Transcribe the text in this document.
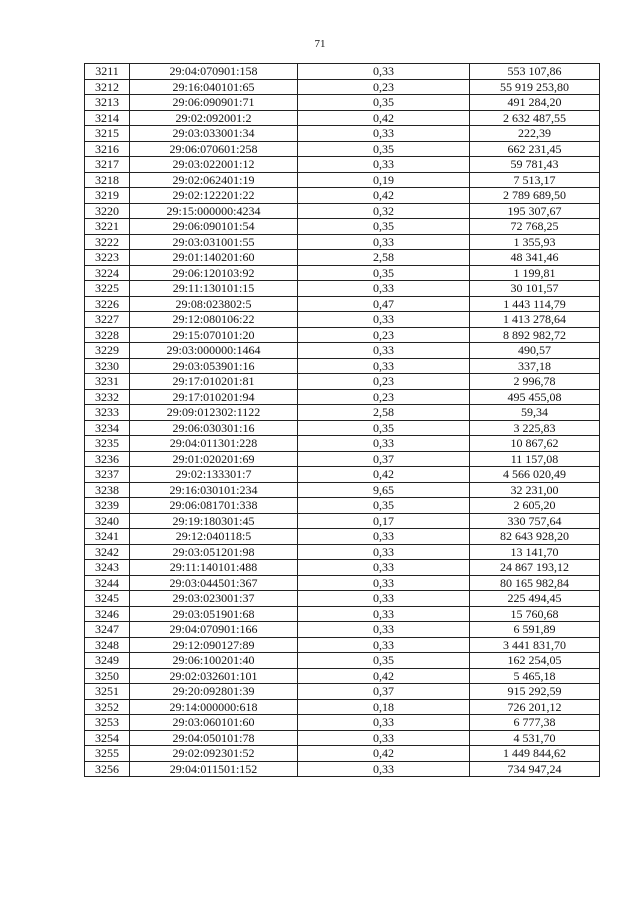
71
3211	29:04:070901:158	0,33	553 107,86
3212	29:16:040101:65	0,23	55 919 253,80
3213	29:06:090901:71	0,35	491 284,20
3214	29:02:092001:2	0,42	2 632 487,55
3215	29:03:033001:34	0,33	222,39
3216	29:06:070601:258	0,35	662 231,45
3217	29:03:022001:12	0,33	59 781,43
3218	29:02:062401:19	0,19	7 513,17
3219	29:02:122201:22	0,42	2 789 689,50
3220	29:15:000000:4234	0,32	195 307,67
3221	29:06:090101:54	0,35	72 768,25
3222	29:03:031001:55	0,33	1 355,93
3223	29:01:140201:60	2,58	48 341,46
3224	29:06:120103:92	0,35	1 199,81
3225	29:11:130101:15	0,33	30 101,57
3226	29:08:023802:5	0,47	1 443 114,79
3227	29:12:080106:22	0,33	1 413 278,64
3228	29:15:070101:20	0,23	8 892 982,72
3229	29:03:000000:1464	0,33	490,57
3230	29:03:053901:16	0,33	337,18
3231	29:17:010201:81	0,23	2 996,78
3232	29:17:010201:94	0,23	495 455,08
3233	29:09:012302:1122	2,58	59,34
3234	29:06:030301:16	0,35	3 225,83
3235	29:04:011301:228	0,33	10 867,62
3236	29:01:020201:69	0,37	11 157,08
3237	29:02:133301:7	0,42	4 566 020,49
3238	29:16:030101:234	9,65	32 231,00
3239	29:06:081701:338	0,35	2 605,20
3240	29:19:180301:45	0,17	330 757,64
3241	29:12:040118:5	0,33	82 643 928,20
3242	29:03:051201:98	0,33	13 141,70
3243	29:11:140101:488	0,33	24 867 193,12
3244	29:03:044501:367	0,33	80 165 982,84
3245	29:03:023001:37	0,33	225 494,45
3246	29:03:051901:68	0,33	15 760,68
3247	29:04:070901:166	0,33	6 591,89
3248	29:12:090127:89	0,33	3 441 831,70
3249	29:06:100201:40	0,35	162 254,05
3250	29:02:032601:101	0,42	5 465,18
3251	29:20:092801:39	0,37	915 292,59
3252	29:14:000000:618	0,18	726 201,12
3253	29:03:060101:60	0,33	6 777,38
3254	29:04:050101:78	0,33	4 531,70
3255	29:02:092301:52	0,42	1 449 844,62
3256	29:04:011501:152	0,33	734 947,24
